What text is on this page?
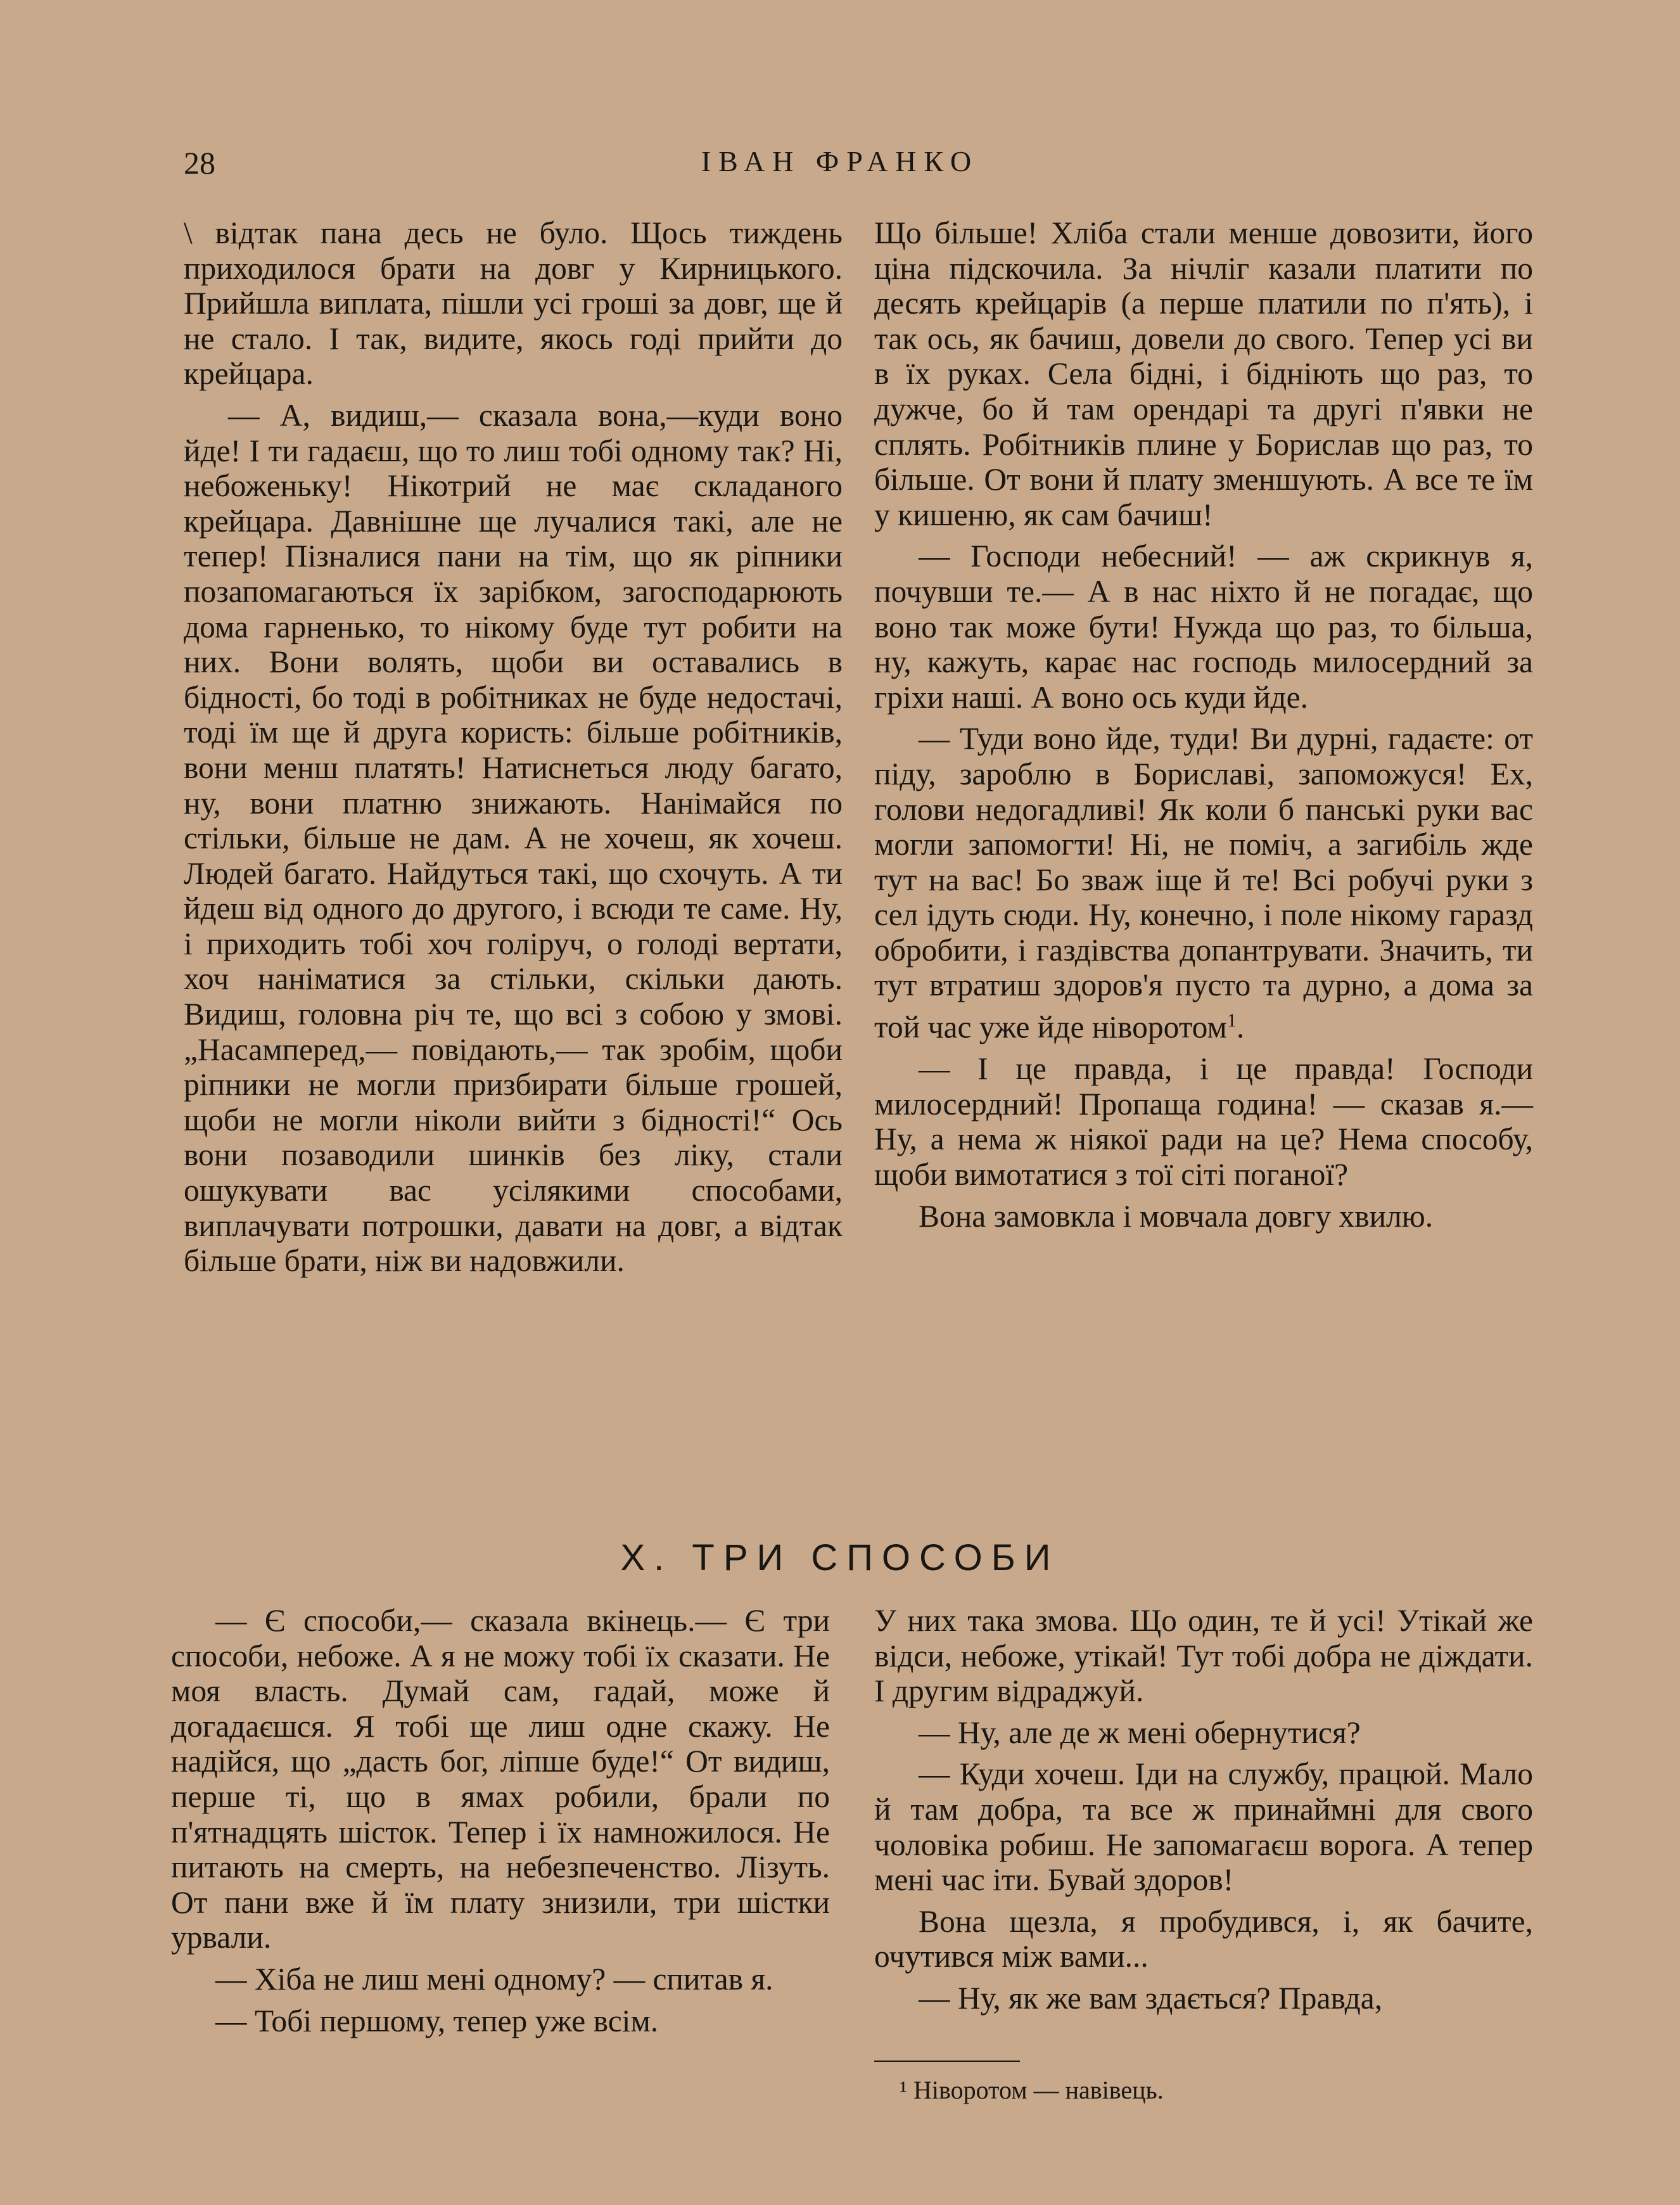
28	ІВАН ФРАНКО

\ відтак пана десь не було. Щось тиждень приходилося брати на довг у Кирницького. Прийшла виплата, пішли усі гроші за довг, ще й не стало. І так, видите, якось годі прийти до крейцара.

— А, видиш,— сказала вона,—куди воно йде! І ти гадаєш, що то лиш тобі одному так? Ні, небоженьку! Нікотрий не має складаного крейцара. Давнішне ще лучалися такі, але не тепер! Пізналися пани на тім, що як ріпники позапомагаються їх зарібком, загосподарюють дома гарненько, то нікому буде тут робити на них. Вони волять, щоби ви оставались в бідності, бо тоді в робітниках не буде недостачі, тоді їм ще й друга користь: більше робітників, вони менш платять! Натиснеться люду багато, ну, вони платню знижають. Нанімайся по стільки, більше не дам. А не хочеш, як хочеш. Людей багато. Найдуться такі, що схочуть. А ти йдеш від одного до другого, і всюди те саме. Ну, і приходить тобі хоч голіруч, о голоді вертати, хоч наніматися за стільки, скільки дають. Видиш, головна річ те, що всі з собою у змові. „Насамперед,— повідають,— так зробім, щоби ріпники не могли призбирати більше грошей, щоби не могли ніколи вийти з бідності!“ Ось вони позаводили шинків без ліку, стали ошукувати вас усілякими способами, виплачувати потрошки, давати на довг, а відтак більше брати, ніж ви надовжили.

Що більше! Хліба стали менше довозити, його ціна підскочила. За нічліг казали платити по десять крейцарів (а перше платили по п'ять), і так ось, як бачиш, довели до свого. Тепер усі ви в їх руках. Села бідні, і бідніють що раз, то дужче, бо й там орендарі та другі п'явки не сплять. Робітників плине у Борислав що раз, то більше. От вони й плату зменшують. А все те їм у кишеню, як сам бачиш!

— Господи небесний! — аж скрикнув я, почувши те.— А в нас ніхто й не погадає, що воно так може бути! Нужда що раз, то більша, ну, кажуть, карає нас господь милосердний за гріхи наші. А воно ось куди йде.

— Туди воно йде, туди! Ви дурні, гадаєте: от піду, зароблю в Бориславі, запоможуся! Ех, голови недогадливі! Як коли б панські руки вас могли запомогти! Ні, не поміч, а загибіль жде тут на вас! Бо зваж іще й те! Всі робучі руки з сел ідуть сюди. Ну, конечно, і поле нікому гаразд обробити, і газдівства допантрувати. Значить, ти тут втратиш здоров'я пусто та дурно, а дома за той час уже йде ніворотом$^1$.

— І це правда, і це правда! Господи милосердний! Пропаща година! — сказав я.— Ну, а нема ж ніякої ради на це? Нема способу, щоби вимотатися з тої сіті поганої?

Вона замовкла і мовчала довгу хвилю.

X. ТРИ СПОСОБИ

— Є способи,— сказала вкінець.— Є три способи, небоже. А я не можу тобі їх сказати. Не моя власть. Думай сам, гадай, може й догадаєшся. Я тобі ще лиш одне скажу. Не надійся, що „дасть бог, ліпше буде!“ От видиш, перше ті, що в ямах робили, брали по п'ятнадцять шісток. Тепер і їх намножилося. Не питають на смерть, на небезпеченство. Лізуть. От пани вже й їм плату знизили, три шістки урвали.

— Хіба не лиш мені одному? — спитав я.

— Тобі першому, тепер уже всім.

У них така змова. Що один, те й усі! Утікай же відси, небоже, утікай! Тут тобі добра не діждати. І другим відраджуй.

— Ну, але де ж мені обернутися?

— Куди хочеш. Іди на службу, працюй. Мало й там добра, та все ж принаймні для свого чоловіка робиш. Не запомагаєш ворога. А тепер мені час іти. Бувай здоров!

Вона щезла, я пробудився, і, як бачите, очутився між вами...

— Ну, як же вам здається? Правда,

¹ Ніворотом — навівець.
